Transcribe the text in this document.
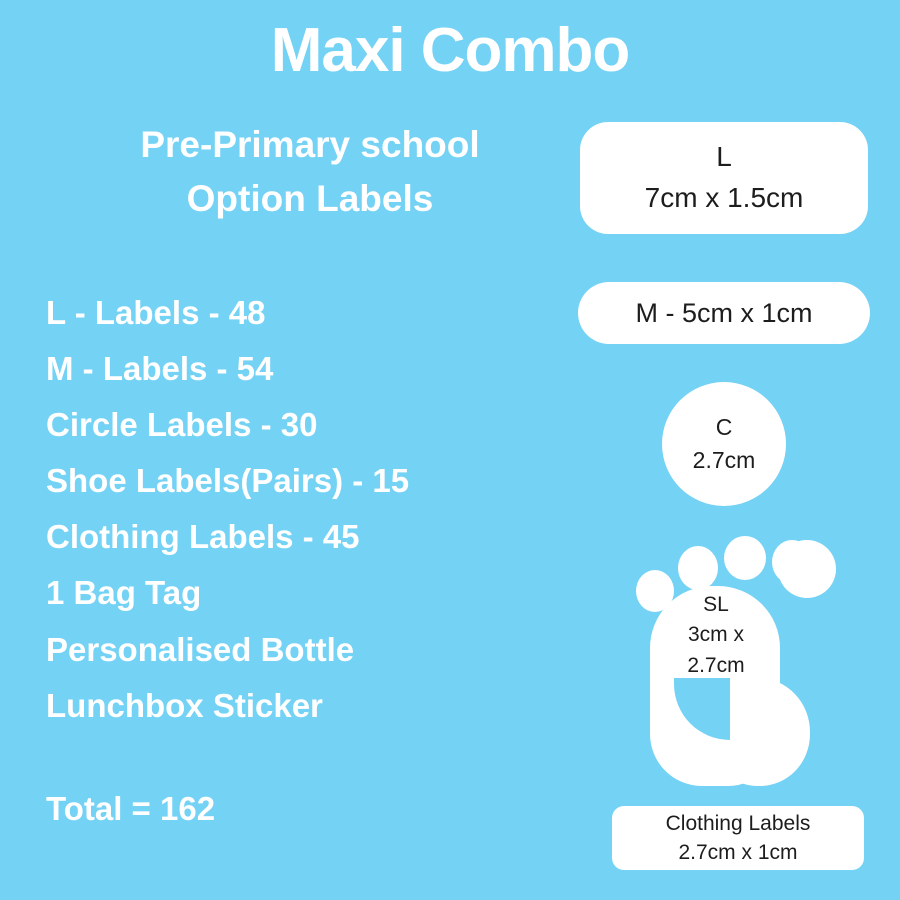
Maxi Combo
Pre-Primary school
Option Labels
L - Labels - 48
M - Labels - 54
Circle Labels - 30
Shoe Labels(Pairs) - 15
Clothing Labels - 45
1 Bag Tag
Personalised Bottle
Lunchbox Sticker
Total = 162
L
7cm x 1.5cm
M - 5cm x 1cm
C
2.7cm
SL
3cm x
2.7cm
Clothing Labels
2.7cm x 1cm
